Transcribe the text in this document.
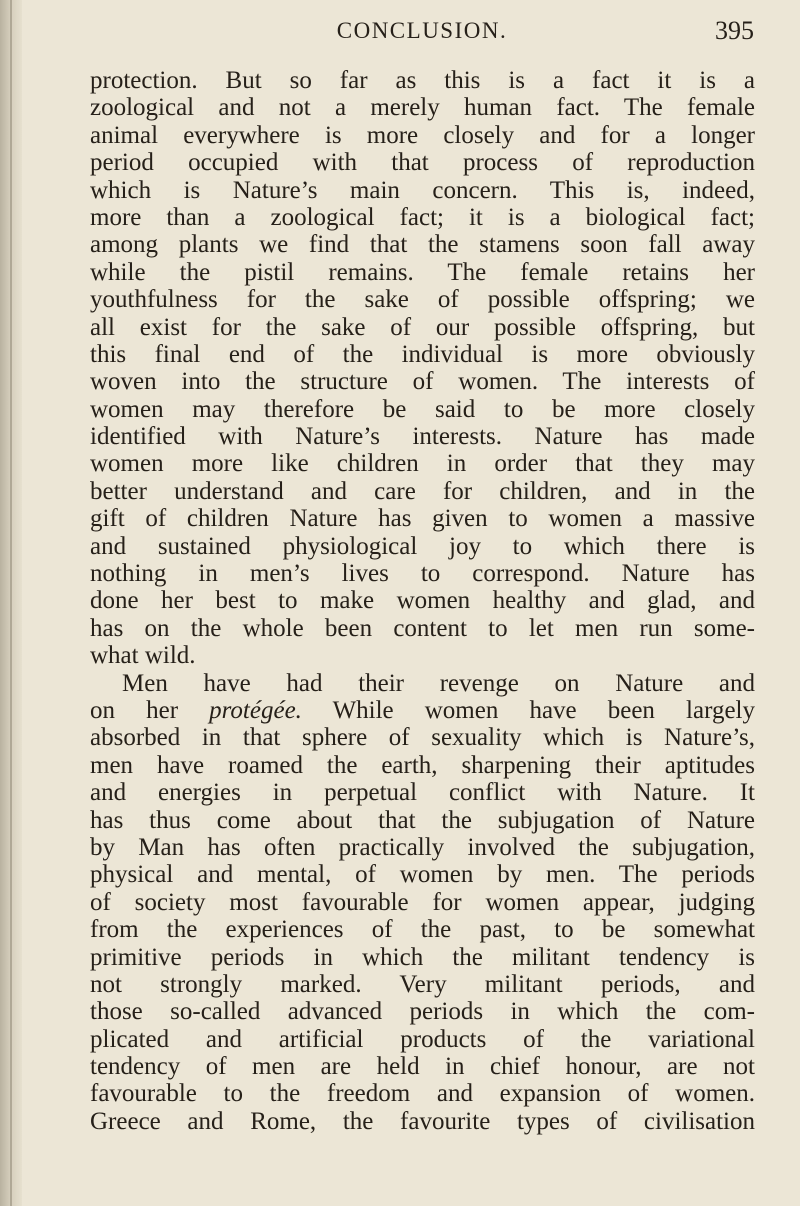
CONCLUSION.	395
protection. But so far as this is a fact it is a
zoological and not a merely human fact. The female
animal everywhere is more closely and for a longer
period occupied with that process of reproduction
which is Nature’s main concern. This is, indeed,
more than a zoological fact; it is a biological fact;
among plants we find that the stamens soon fall away
while the pistil remains. The female retains her
youthfulness for the sake of possible offspring; we
all exist for the sake of our possible offspring, but
this final end of the individual is more obviously
woven into the structure of women. The interests of
women may therefore be said to be more closely
identified with Nature’s interests. Nature has made
women more like children in order that they may
better understand and care for children, and in the
gift of children Nature has given to women a massive
and sustained physiological joy to which there is
nothing in men’s lives to correspond. Nature has
done her best to make women healthy and glad, and
has on the whole been content to let men run some-
what wild.
Men have had their revenge on Nature and
on her protégée. While women have been largely
absorbed in that sphere of sexuality which is Nature’s,
men have roamed the earth, sharpening their aptitudes
and energies in perpetual conflict with Nature. It
has thus come about that the subjugation of Nature
by Man has often practically involved the subjugation,
physical and mental, of women by men. The periods
of society most favourable for women appear, judging
from the experiences of the past, to be somewhat
primitive periods in which the militant tendency is
not strongly marked. Very militant periods, and
those so-called advanced periods in which the com-
plicated and artificial products of the variational
tendency of men are held in chief honour, are not
favourable to the freedom and expansion of women.
Greece and Rome, the favourite types of civilisation
